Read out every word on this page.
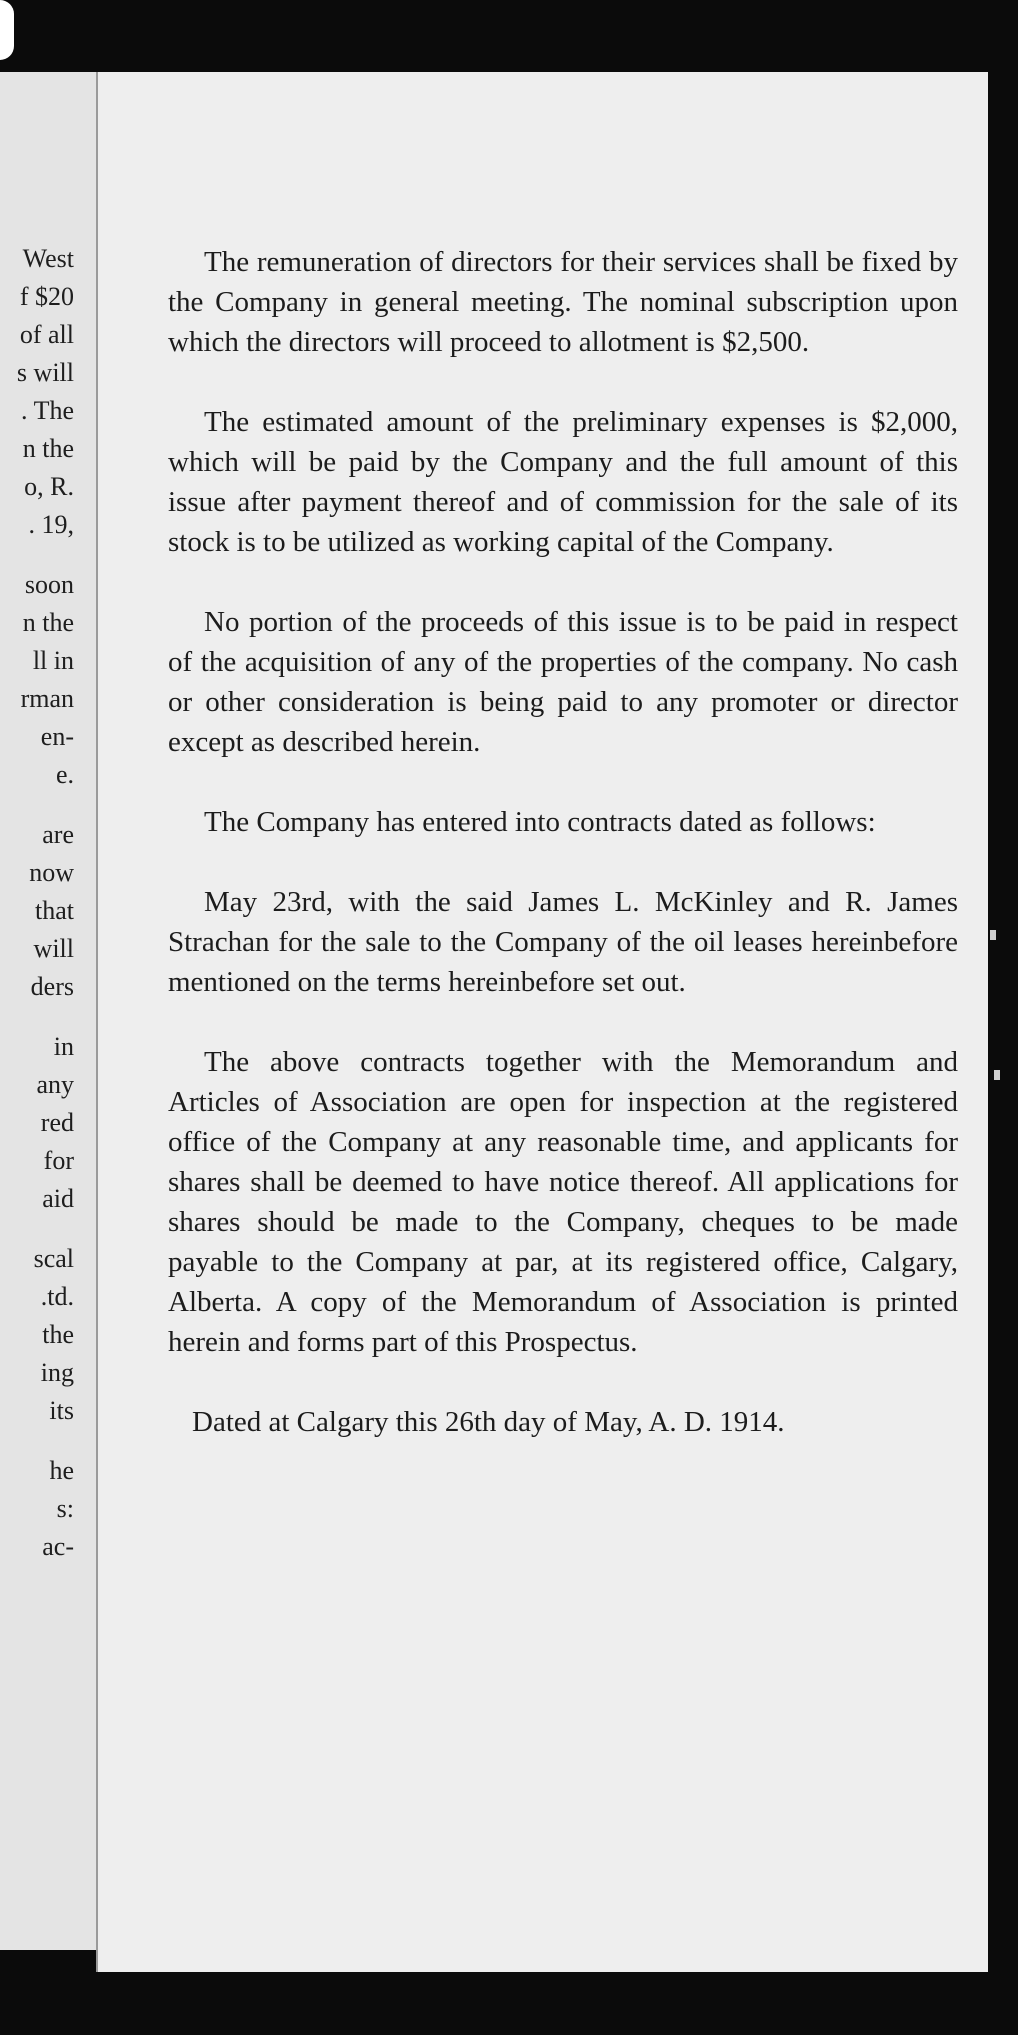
West
f $20
of all
s will
. The
n the
o, R.
. 19,
soon
n the
ll in
rman
en-
e.
are
now
that
will
ders
in
any
red
for
aid
scal
.td.
the
ing
its
he
s:
ac-

The remuneration of directors for their services shall be fixed by the Company in general meeting. The nominal subscription upon which the directors will proceed to allotment is $2,500.

The estimated amount of the preliminary expenses is $2,000, which will be paid by the Company and the full amount of this issue after payment thereof and of commission for the sale of its stock is to be utilized as working capital of the Company.

No portion of the proceeds of this issue is to be paid in respect of the acquisition of any of the properties of the company. No cash or other consideration is being paid to any promoter or director except as described herein.

The Company has entered into contracts dated as follows:

May 23rd, with the said James L. McKinley and R. James Strachan for the sale to the Company of the oil leases hereinbefore mentioned on the terms hereinbefore set out.

The above contracts together with the Memorandum and Articles of Association are open for inspection at the registered office of the Company at any reasonable time, and applicants for shares shall be deemed to have notice thereof. All applications for shares should be made to the Company, cheques to be made payable to the Company at par, at its registered office, Calgary, Alberta. A copy of the Memorandum of Association is printed herein and forms part of this Prospectus.

Dated at Calgary this 26th day of May, A. D. 1914.
